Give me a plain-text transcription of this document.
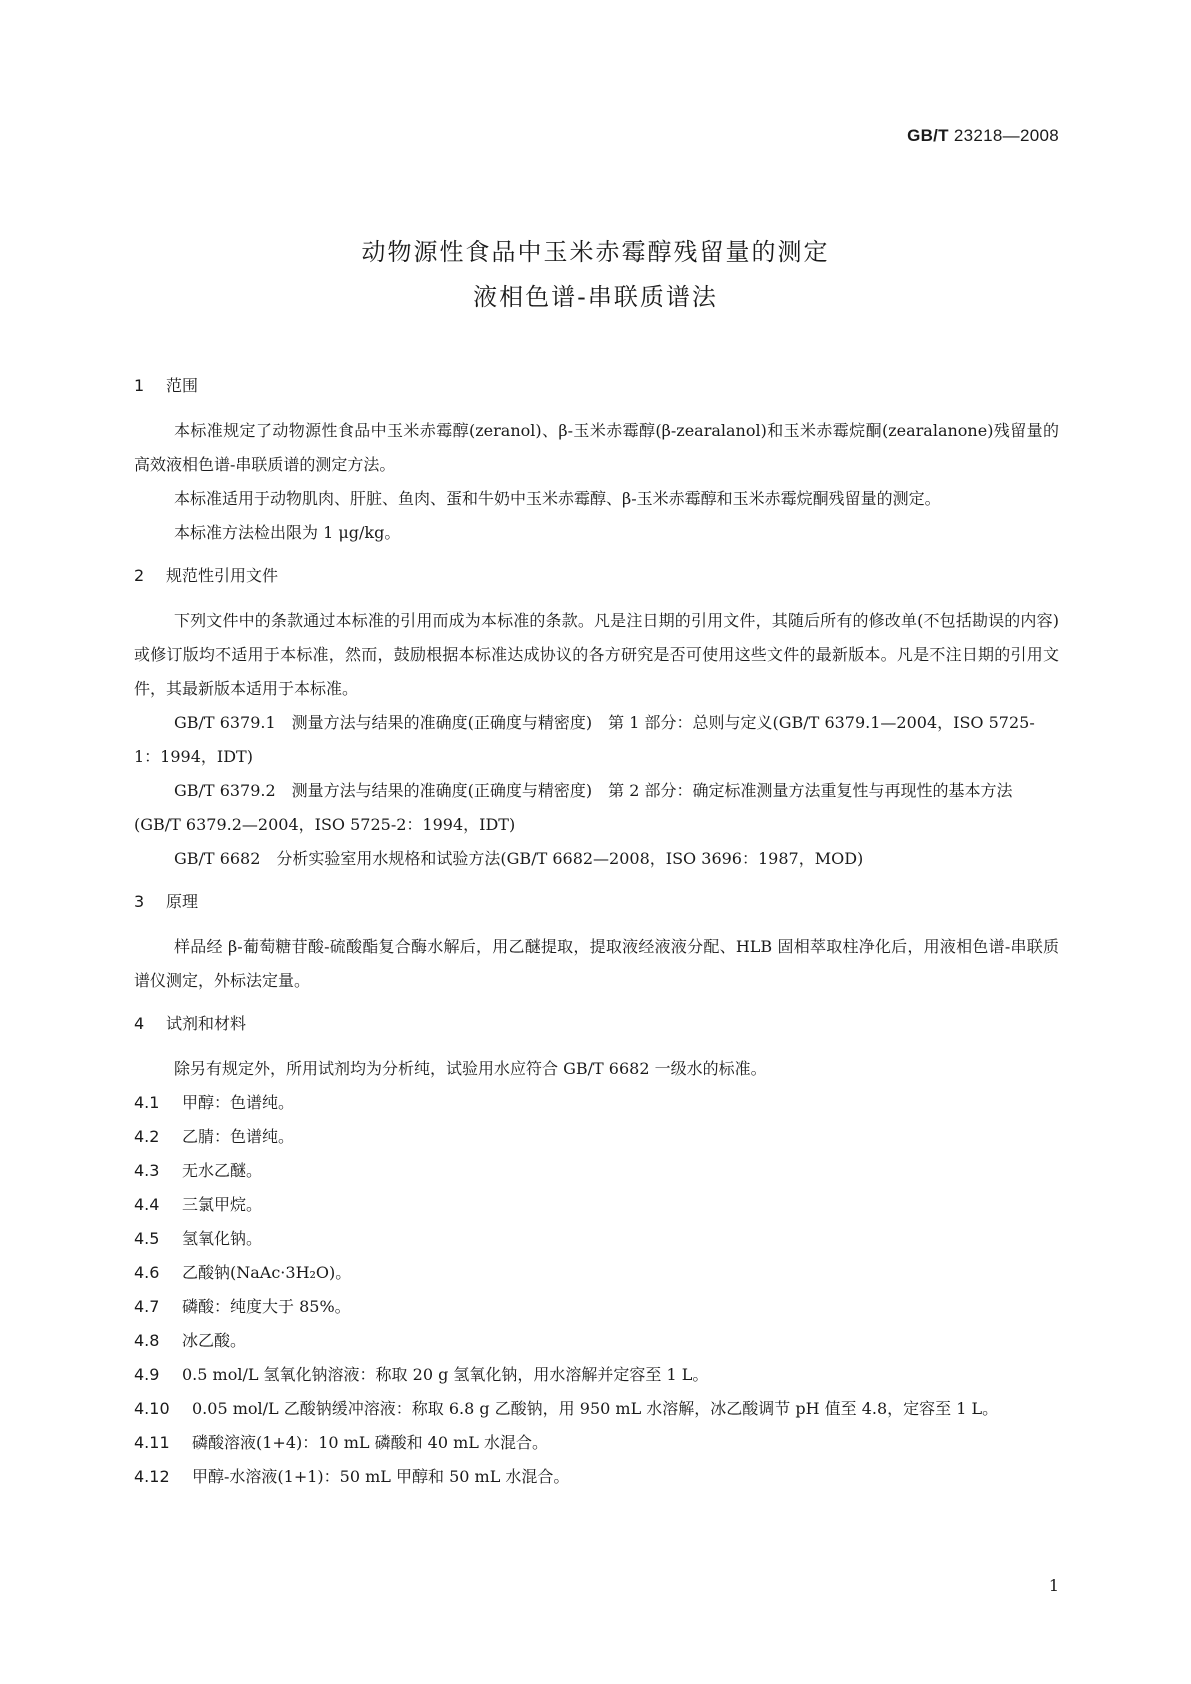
GB/T 23218—2008
动物源性食品中玉米赤霉醇残留量的测定
液相色谱-串联质谱法
1 范围

本标准规定了动物源性食品中玉米赤霉醇(zeranol)、β-玉米赤霉醇(β-zearalanol)和玉米赤霉烷酮(zearalanone)残留量的高效液相色谱-串联质谱的测定方法。

本标准适用于动物肌肉、肝脏、鱼肉、蛋和牛奶中玉米赤霉醇、β-玉米赤霉醇和玉米赤霉烷酮残留量的测定。

本标准方法检出限为 1 μg/kg。

2 规范性引用文件

下列文件中的条款通过本标准的引用而成为本标准的条款。凡是注日期的引用文件，其随后所有的修改单(不包括勘误的内容)或修订版均不适用于本标准，然而，鼓励根据本标准达成协议的各方研究是否可使用这些文件的最新版本。凡是不注日期的引用文件，其最新版本适用于本标准。

GB/T 6379.1　测量方法与结果的准确度(正确度与精密度)　第 1 部分：总则与定义(GB/T 6379.1—2004，ISO 5725-1：1994，IDT)

GB/T 6379.2　测量方法与结果的准确度(正确度与精密度)　第 2 部分：确定标准测量方法重复性与再现性的基本方法(GB/T 6379.2—2004，ISO 5725-2：1994，IDT)

GB/T 6682　分析实验室用水规格和试验方法(GB/T 6682—2008，ISO 3696：1987，MOD)

3 原理

样品经 β-葡萄糖苷酸-硫酸酯复合酶水解后，用乙醚提取，提取液经液液分配、HLB 固相萃取柱净化后，用液相色谱-串联质谱仪测定，外标法定量。

4 试剂和材料

除另有规定外，所用试剂均为分析纯，试验用水应符合 GB/T 6682 一级水的标准。

4.1 甲醇：色谱纯。

4.2 乙腈：色谱纯。

4.3 无水乙醚。

4.4 三氯甲烷。

4.5 氢氧化钠。

4.6 乙酸钠(NaAc·3H₂O)。

4.7 磷酸：纯度大于 85%。

4.8 冰乙酸。

4.9 0.5 mol/L 氢氧化钠溶液：称取 20 g 氢氧化钠，用水溶解并定容至 1 L。

4.10 0.05 mol/L 乙酸钠缓冲溶液：称取 6.8 g 乙酸钠，用 950 mL 水溶解，冰乙酸调节 pH 值至 4.8，定容至 1 L。

4.11 磷酸溶液(1+4)：10 mL 磷酸和 40 mL 水混合。

4.12 甲醇-水溶液(1+1)：50 mL 甲醇和 50 mL 水混合。

1
